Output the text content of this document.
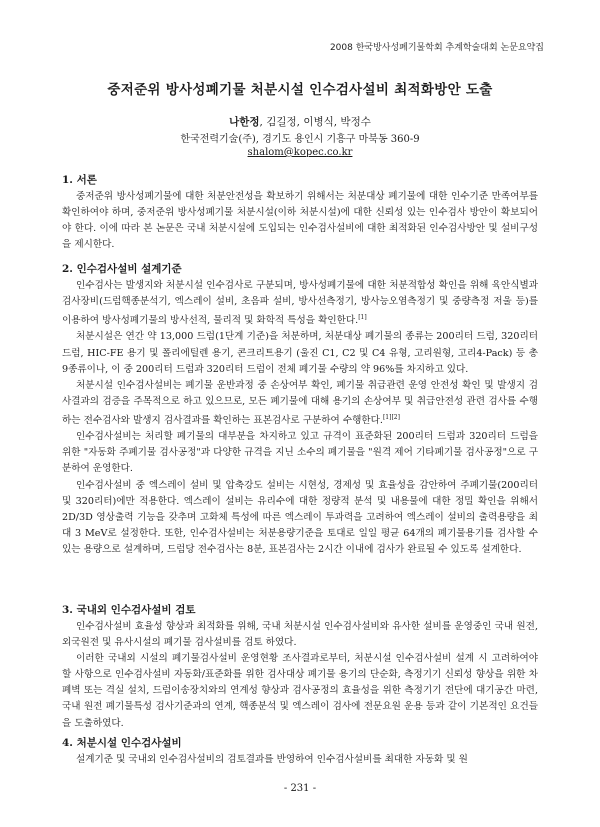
2008 한국방사성폐기물학회 추계학술대회 논문요약집
중저준위 방사성폐기물 처분시설 인수검사설비 최적화방안 도출
나한정, 김길정, 이병식, 박정수
한국전력기술(주), 경기도 용인시 기흥구 마북동 360-9
shalom@kopec.co.kr
1. 서론

중저준위 방사성폐기물에 대한 처분안전성을 확보하기 위해서는 처분대상 폐기물에 대한 인수기준 만족여부를 확인하여야 하며, 중저준위 방사성폐기물 처분시설(이하 처분시설)에 대한 신뢰성 있는 인수검사 방안이 확보되어야 한다. 이에 따라 본 논문은 국내 처분시설에 도입되는 인수검사설비에 대한 최적화된 인수검사방안 및 설비구성을 제시한다.

2. 인수검사설비 설계기준

인수검사는 발생지와 처분시설 인수검사로 구분되며, 방사성폐기물에 대한 처분적합성 확인을 위해 육안식별과 검사장비(드럼핵종분석기, 엑스레이 설비, 초음파 설비, 방사선측정기, 방사능오염측정기 및 중량측정 저울 등)를 이용하여 방사성폐기물의 방사선적, 물리적 및 화학적 특성을 확인한다.[1]

처분시설은 연간 약 13,000 드럼(1단계 기준)을 처분하며, 처분대상 폐기물의 종류는 200리터 드럼, 320리터 드럼, HIC-FE 용기 및 폴리에틸렌 용기, 콘크리트용기 (울진 C1, C2 및 C4 유형, 고리원형, 고리4-Pack) 등 총 9종류이나, 이 중 200리터 드럼과 320리터 드럼이 전체 폐기물 수량의 약 96%를 차지하고 있다.

처분시설 인수검사설비는 폐기물 운반과정 중 손상여부 확인, 폐기물 취급관련 운영 안전성 확인 및 발생지 검사결과의 검증을 주목적으로 하고 있으므로, 모든 폐기물에 대해 용기의 손상여부 및 취급안전성 관련 검사를 수행하는 전수검사와 발생지 검사결과를 확인하는 표본검사로 구분하여 수행한다.[1][2]

인수검사설비는 처리할 폐기물의 대부분을 차지하고 있고 규격이 표준화된 200리터 드럼과 320리터 드럼을 위한 "자동화 주폐기물 검사공정"과 다양한 규격을 지닌 소수의 폐기물을 "원격 제어 기타폐기물 검사공정"으로 구분하여 운영한다.

인수검사설비 중 엑스레이 설비 및 압축강도 설비는 시현성, 경제성 및 효율성을 감안하여 주폐기물(200리터 및 320리터)에만 적용한다. 엑스레이 설비는 유리수에 대한 정량적 분석 및 내용물에 대한 정밀 확인을 위해서 2D/3D 영상출력 기능을 갖추며 고화체 특성에 따른 엑스레이 투과력을 고려하여 엑스레이 설비의 출력용량을 최대 3 MeV로 설정한다. 또한, 인수검사설비는 처분용량기준을 토대로 일일 평균 64개의 폐기물용기를 검사할 수 있는 용량으로 설계하며, 드럼당 전수검사는 8분, 표본검사는 2시간 이내에 검사가 완료될 수 있도록 설계한다.

3. 국내외 인수검사설비 검토

인수검사설비 효율성 향상과 최적화를 위해, 국내 처분시설 인수검사설비와 유사한 설비를 운영중인 국내 원전, 외국원전 및 유사시설의 폐기물 검사설비를 검토 하였다.

이러한 국내외 시설의 폐기물검사설비 운영현황 조사결과로부터, 처분시설 인수검사설비 설계 시 고려하여야 할 사항으로 인수검사설비 자동화/표준화를 위한 검사대상 폐기물 용기의 단순화, 측정기기 신뢰성 향상을 위한 차폐벽 또는 격실 설치, 드럼이송장치와의 연계성 향상과 검사공정의 효율성을 위한 측정기기 전단에 대기공간 마련, 국내 원전 폐기물특성 검사기준과의 연계, 핵종분석 및 엑스레이 검사에 전문요원 운용 등과 같이 기본적인 요건들을 도출하였다.

4. 처분시설 인수검사설비

설계기준 및 국내외 인수검사설비의 검토결과를 반영하여 인수검사설비를 최대한 자동화 및 원

- 231 -
